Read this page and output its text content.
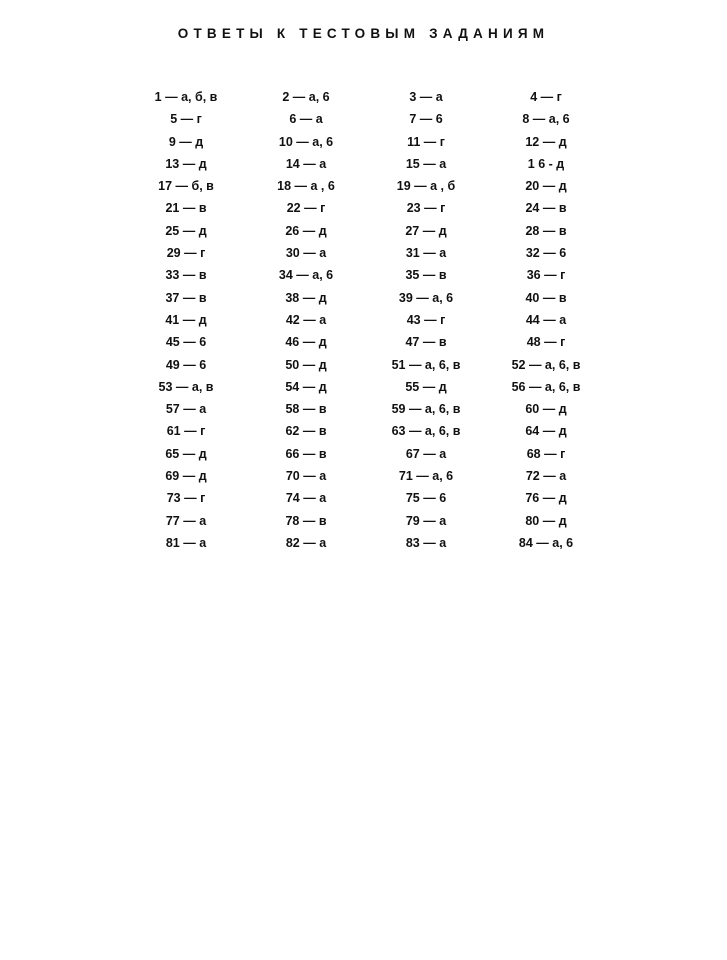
ОТВЕТЫ К ТЕСТОВЫМ ЗАДАНИЯМ
1 — а, б, в	2 — а, 6	3 — а	4 — г
5 — г	6 — а	7 — 6	8 — а, 6
9 — д	10 — а, 6	11 — г	12 — д
13 — д	14 — а	15 — а	1 6 - д
17 — б, в	18 — а , 6	19 — а , б	20 — д
21 — в	22 — г	23 — г	24 — в
25 — д	26 — д	27 — д	28 — в
29 — г	30 — а	31 — а	32 — 6
33 — в	34 — а, 6	35 — в	36 — г
37 — в	38 — д	39 — а, 6	40 — в
41 — д	42 — а	43 — г	44 — а
45 — 6	46 — д	47 — в	48 — г
49 — 6	50 — д	51 — а, 6, в	52 — а, 6, в
53 — а, в	54 — д	55 — д	56 — а, 6, в
57 — а	58 — в	59 — а, 6, в	60 — д
61 — г	62 — в	63 — а, 6, в	64 — д
65 — д	66 — в	67 — а	68 — г
69 — д	70 — а	71 — а, 6	72 — а
73 — г	74 — а	75 — 6	76 — д
77 — а	78 — в	79 — а	80 — д
81 — а	82 — а	83 — а	84 — а, 6
